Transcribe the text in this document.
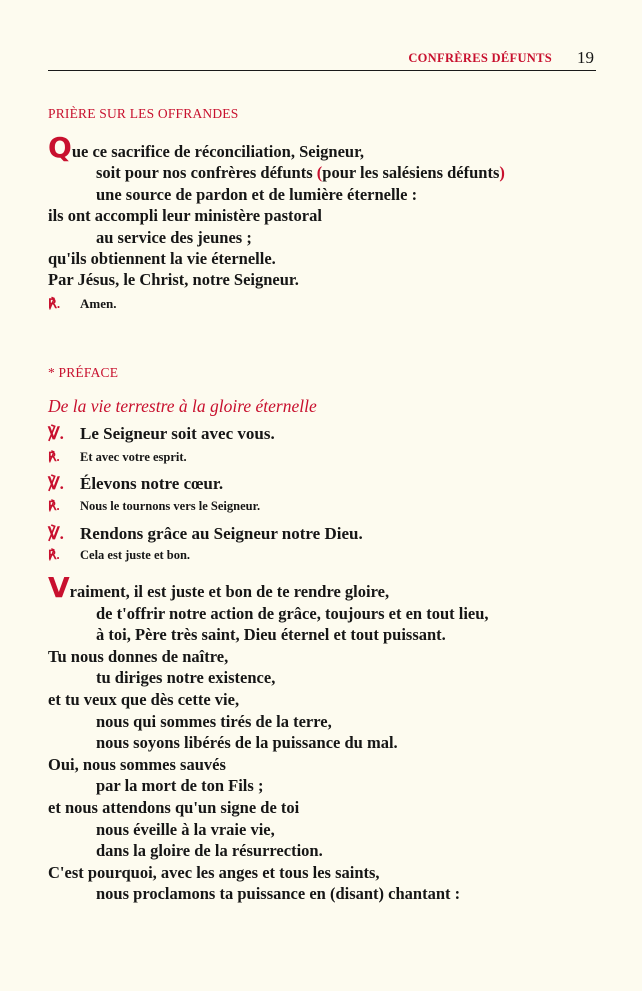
CONFRÈRES DÉFUNTS 19
PRIÈRE SUR LES OFFRANDES
Que ce sacrifice de réconciliation, Seigneur,
soit pour nos confrères défunts (pour les salésiens défunts)
une source de pardon et de lumière éternelle :
ils ont accompli leur ministère pastoral
au service des jeunes ;
qu'ils obtiennent la vie éternelle.
Par Jésus, le Christ, notre Seigneur.
℟. Amen.
* PRÉFACE
De la vie terrestre à la gloire éternelle
℣. Le Seigneur soit avec vous.
℟. Et avec votre esprit.
℣. Élevons notre cœur.
℟. Nous le tournons vers le Seigneur.
℣. Rendons grâce au Seigneur notre Dieu.
℟. Cela est juste et bon.
Vraiment, il est juste et bon de te rendre gloire,
de t'offrir notre action de grâce, toujours et en tout lieu,
à toi, Père très saint, Dieu éternel et tout puissant.
Tu nous donnes de naître,
tu diriges notre existence,
et tu veux que dès cette vie,
nous qui sommes tirés de la terre,
nous soyons libérés de la puissance du mal.
Oui, nous sommes sauvés
par la mort de ton Fils ;
et nous attendons qu'un signe de toi
nous éveille à la vraie vie,
dans la gloire de la résurrection.
C'est pourquoi, avec les anges et tous les saints,
nous proclamons ta puissance en (disant) chantant :
